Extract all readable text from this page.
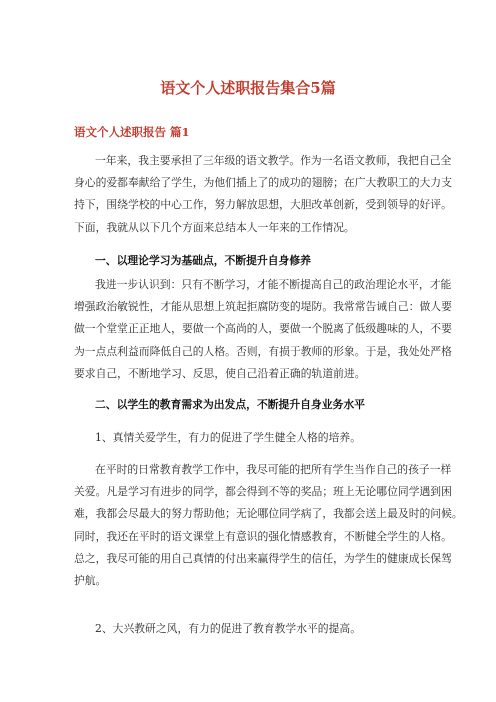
语文个人述职报告集合5篇
语文个人述职报告 篇1
一年来，我主要承担了三年级的语文教学。作为一名语文教师，我把自己全
身心的爱都奉献给了学生，为他们插上了的成功的翅膀；在广大教职工的大力支
持下，围绕学校的中心工作，努力解放思想，大胆改革创新，受到领导的好评。
下面，我就从以下几个方面来总结本人一年来的工作情况。
一、以理论学习为基础点，不断提升自身修养
我进一步认识到：只有不断学习，才能不断提高自己的政治理论水平，才能
增强政治敏锐性，才能从思想上筑起拒腐防变的堤防。我常常告诫自己：做人要
做一个堂堂正正地人，要做一个高尚的人，要做一个脱离了低级趣味的人，不要
为一点点利益而降低自己的人格。否则，有损于教师的形象。于是，我处处严格
要求自己，不断地学习、反思，使自己沿着正确的轨道前进。
二、以学生的教育需求为出发点，不断提升自身业务水平
1、真情关爱学生，有力的促进了学生健全人格的培养。
在平时的日常教育教学工作中，我尽可能的把所有学生当作自己的孩子一样
关爱。凡是学习有进步的同学，都会得到不等的奖品；班上无论哪位同学遇到困
难，我都会尽最大的努力帮助他；无论哪位同学病了，我都会送上最及时的问候。
同时，我还在平时的语文课堂上有意识的强化情感教育，不断健全学生的人格。
总之，我尽可能的用自己真情的付出来赢得学生的信任，为学生的健康成长保驾
护航。
2、大兴教研之风，有力的促进了教育教学水平的提高。
